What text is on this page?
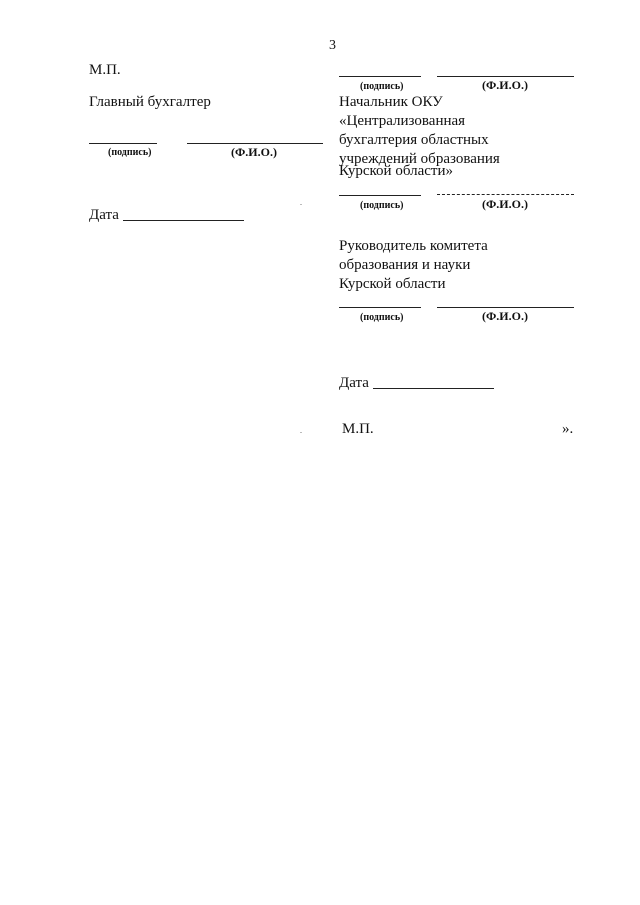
3
М.П.
Главный бухгалтер
(подпись)	(Ф.И.О.)
Дата
(подпись)	(Ф.И.О.)
Начальник ОКУ
«Централизованная
бухгалтерия областных
учреждений образования
Курской области»
(подпись)	(Ф.И.О.)
Руководитель комитета
образования и науки
Курской области
(подпись)	(Ф.И.О.)
Дата
М.П.	».
